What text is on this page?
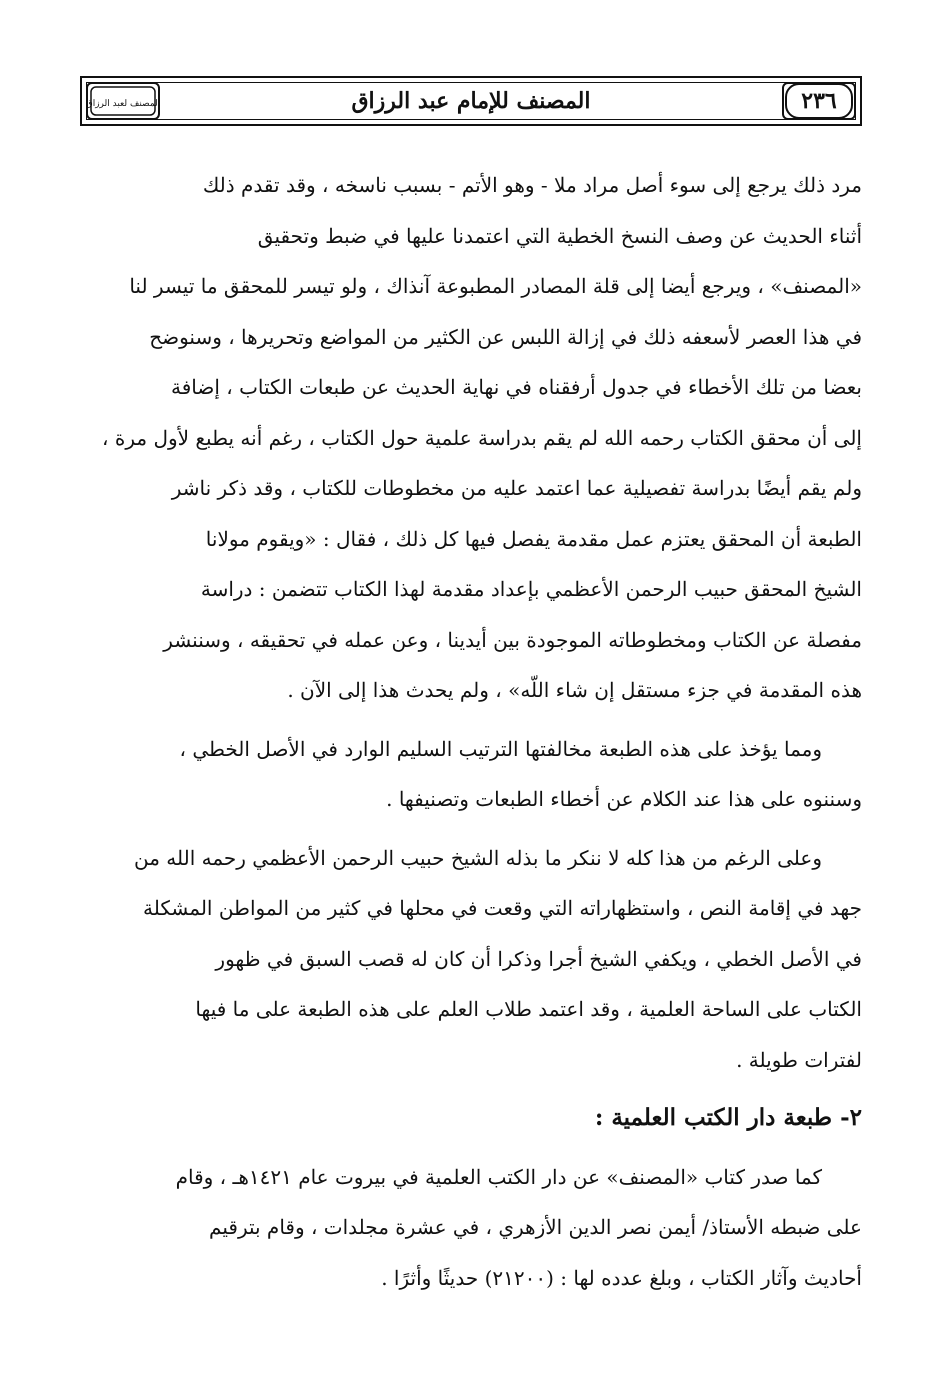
المصنف لعبد الرزاق	المصنف للإمام عبد الرزاق	٢٣٦
مرد ذلك يرجع إلى سوء أصل مراد ملا - وهو الأتم - بسبب ناسخه ، وقد تقدم ذلك
أثناء الحديث عن وصف النسخ الخطية التي اعتمدنا عليها في ضبط وتحقيق
«المصنف» ، ويرجع أيضا إلى قلة المصادر المطبوعة آنذاك ، ولو تيسر للمحقق ما تيسر لنا
في هذا العصر لأسعفه ذلك في إزالة اللبس عن الكثير من المواضع وتحريرها ، وسنوضح
بعضا من تلك الأخطاء في جدول أرفقناه في نهاية الحديث عن طبعات الكتاب ، إضافة
إلى أن محقق الكتاب رحمه الله لم يقم بدراسة علمية حول الكتاب ، رغم أنه يطبع لأول مرة ،
ولم يقم أيضًا بدراسة تفصيلية عما اعتمد عليه من مخطوطات للكتاب ، وقد ذكر ناشر
الطبعة أن المحقق يعتزم عمل مقدمة يفصل فيها كل ذلك ، فقال : «ويقوم مولانا
الشيخ المحقق حبيب الرحمن الأعظمي بإعداد مقدمة لهذا الكتاب تتضمن : دراسة
مفصلة عن الكتاب ومخطوطاته الموجودة بين أيدينا ، وعن عمله في تحقيقه ، وسننشر
هذه المقدمة في جزء مستقل إن شاء اللّه» ، ولم يحدث هذا إلى الآن .
ومما يؤخذ على هذه الطبعة مخالفتها الترتيب السليم الوارد في الأصل الخطي ،
وسننوه على هذا عند الكلام عن أخطاء الطبعات وتصنيفها .
وعلى الرغم من هذا كله لا ننكر ما بذله الشيخ حبيب الرحمن الأعظمي رحمه الله من
جهد في إقامة النص ، واستظهاراته التي وقعت في محلها في كثير من المواطن المشكلة
في الأصل الخطي ، ويكفي الشيخ أجرا وذكرا أن كان له قصب السبق في ظهور
الكتاب على الساحة العلمية ، وقد اعتمد طلاب العلم على هذه الطبعة على ما فيها
لفترات طويلة .
٢- طبعة دار الكتب العلمية :
كما صدر كتاب «المصنف» عن دار الكتب العلمية في بيروت عام ١٤٢١هـ ، وقام
على ضبطه الأستاذ/ أيمن نصر الدين الأزهري ، في عشرة مجلدات ، وقام بترقيم
أحاديث وآثار الكتاب ، وبلغ عدده لها : (٢١٢٠٠) حديثًا وأثرًا .
